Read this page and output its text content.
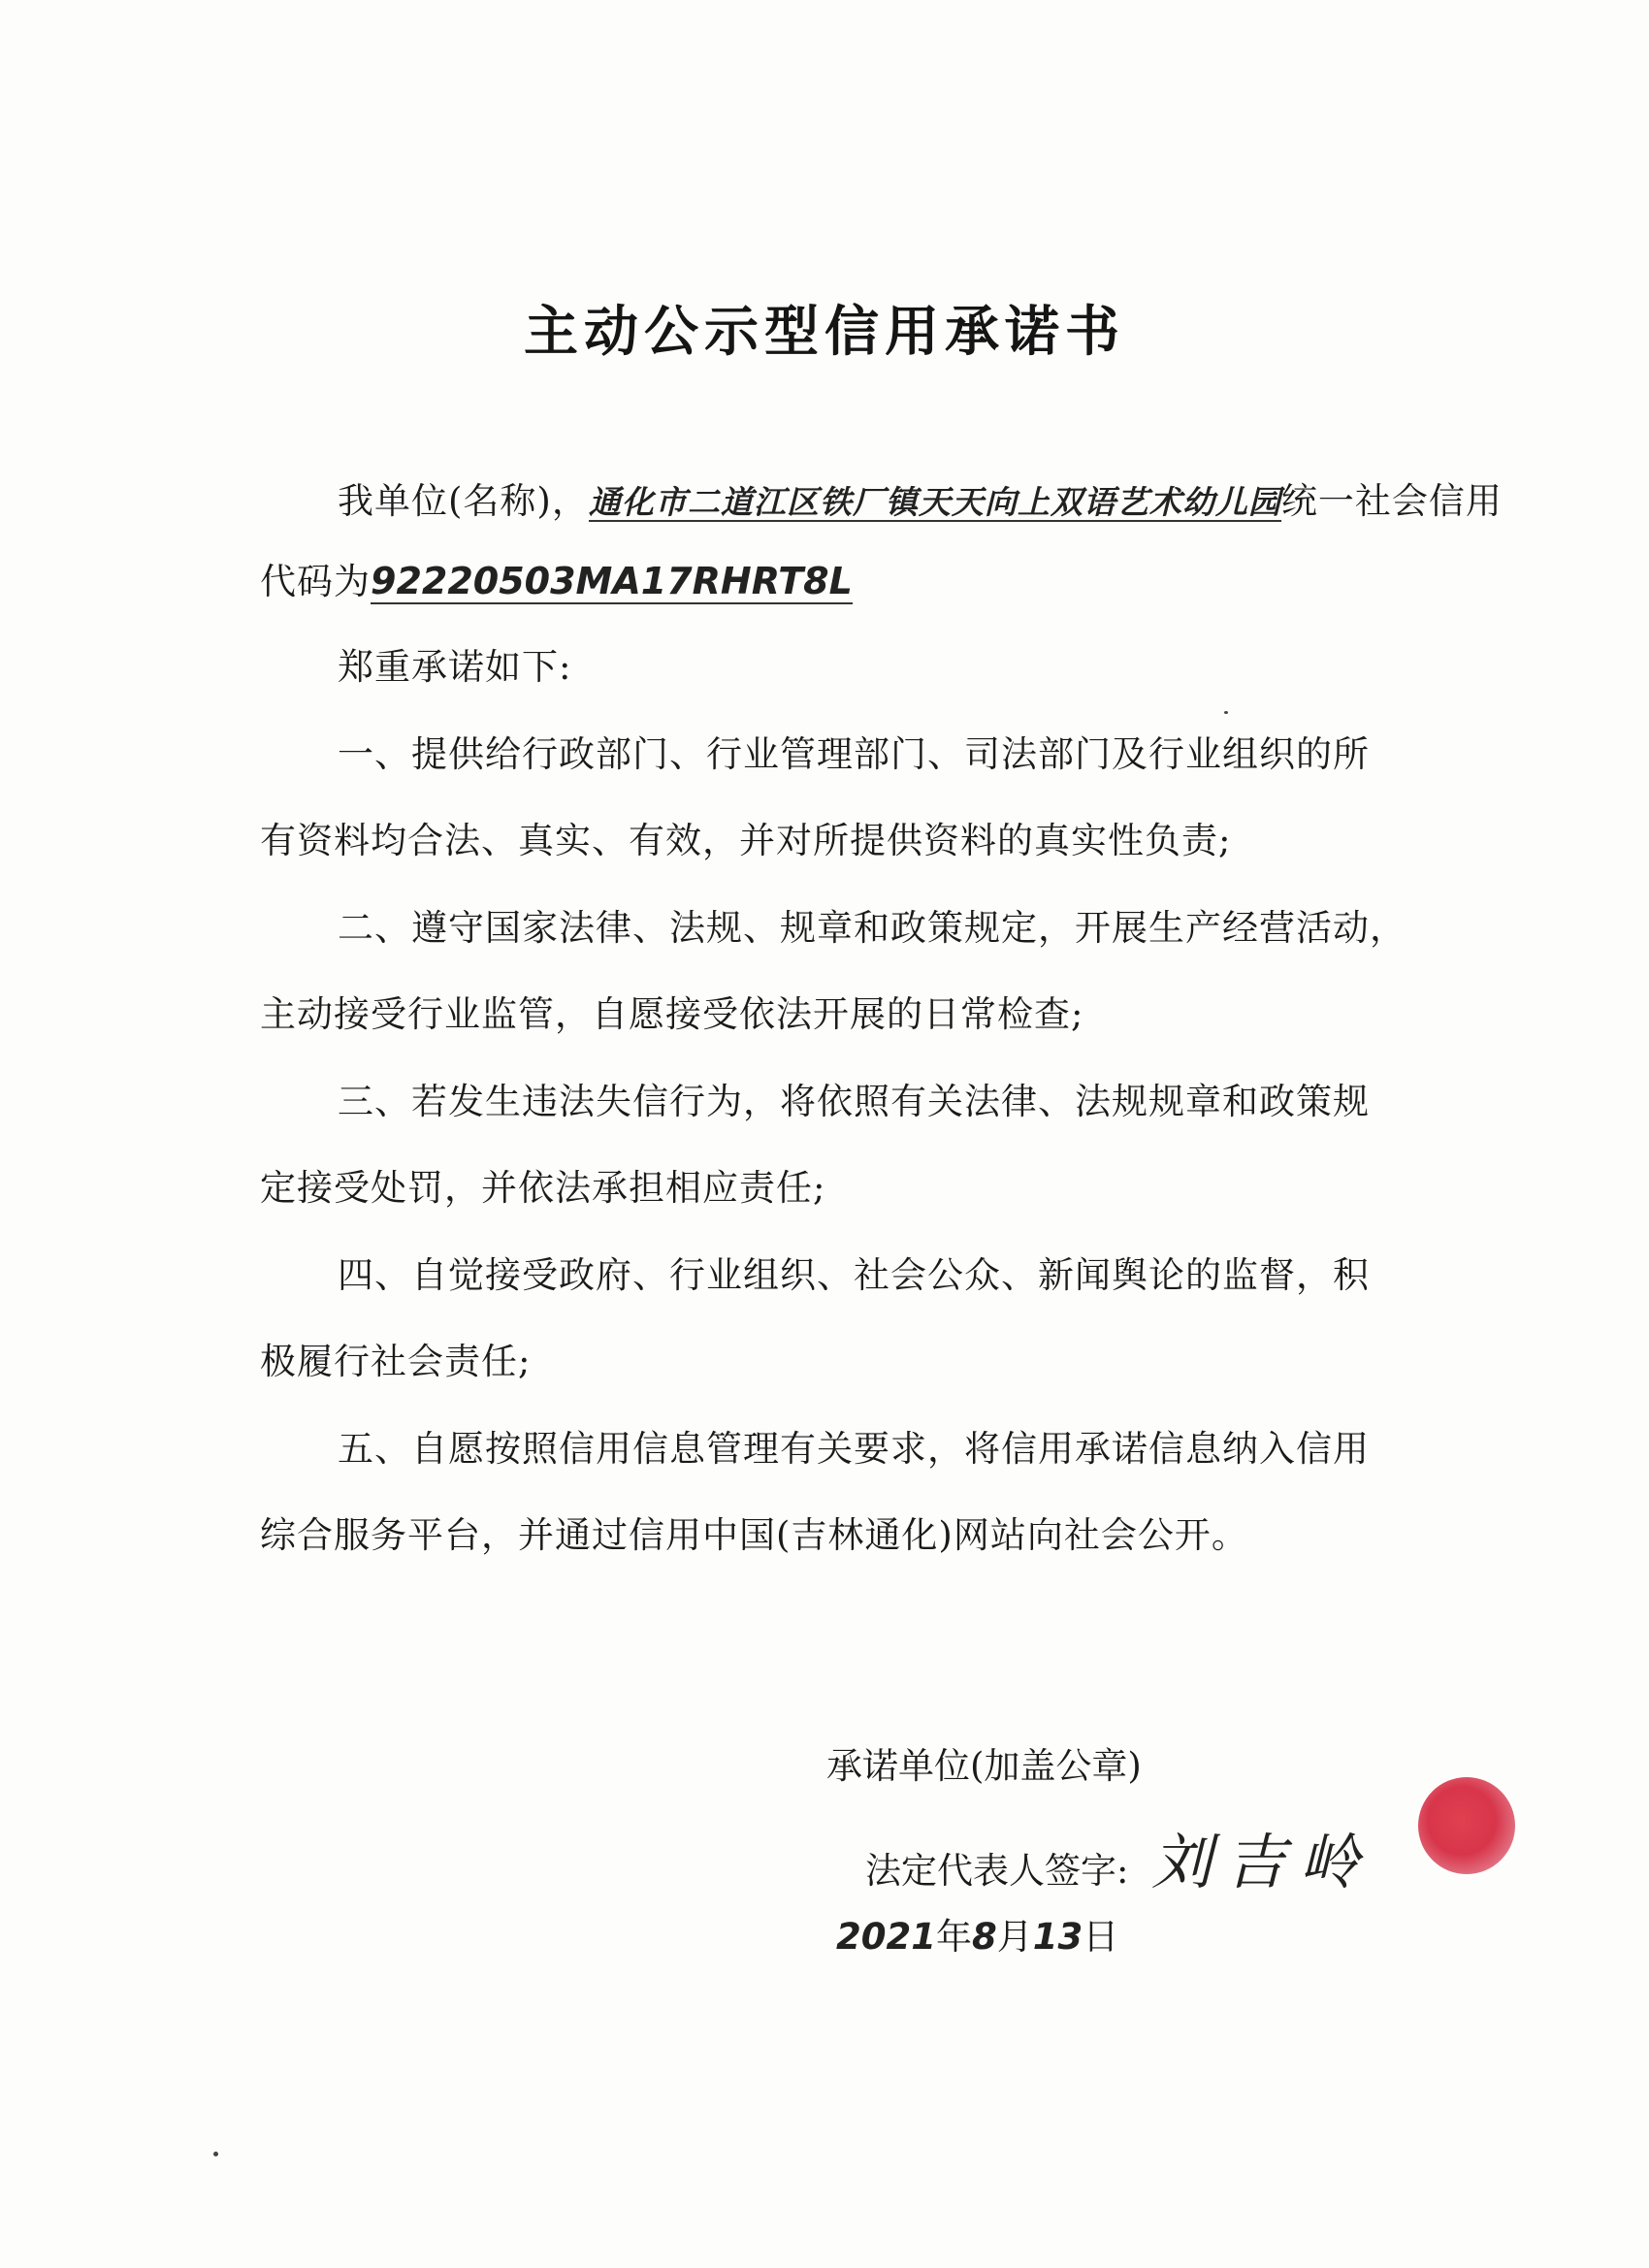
主动公示型信用承诺书
我单位(名称)，通化市二道江区铁厂镇天天向上双语艺术幼儿园统一社会信用
代码为92220503MA17RHRT8L
郑重承诺如下:
一、提供给行政部门、行业管理部门、司法部门及行业组织的所
有资料均合法、真实、有效，并对所提供资料的真实性负责;
二、遵守国家法律、法规、规章和政策规定，开展生产经营活动，
主动接受行业监管，自愿接受依法开展的日常检查;
三、若发生违法失信行为，将依照有关法律、法规规章和政策规
定接受处罚，并依法承担相应责任;
四、自觉接受政府、行业组织、社会公众、新闻舆论的监督，积
极履行社会责任;
五、自愿按照信用信息管理有关要求，将信用承诺信息纳入信用
综合服务平台，并通过信用中国(吉林通化)网站向社会公开。
承诺单位(加盖公章)
法定代表人签字: 刘吉岭
2021年8月13日
